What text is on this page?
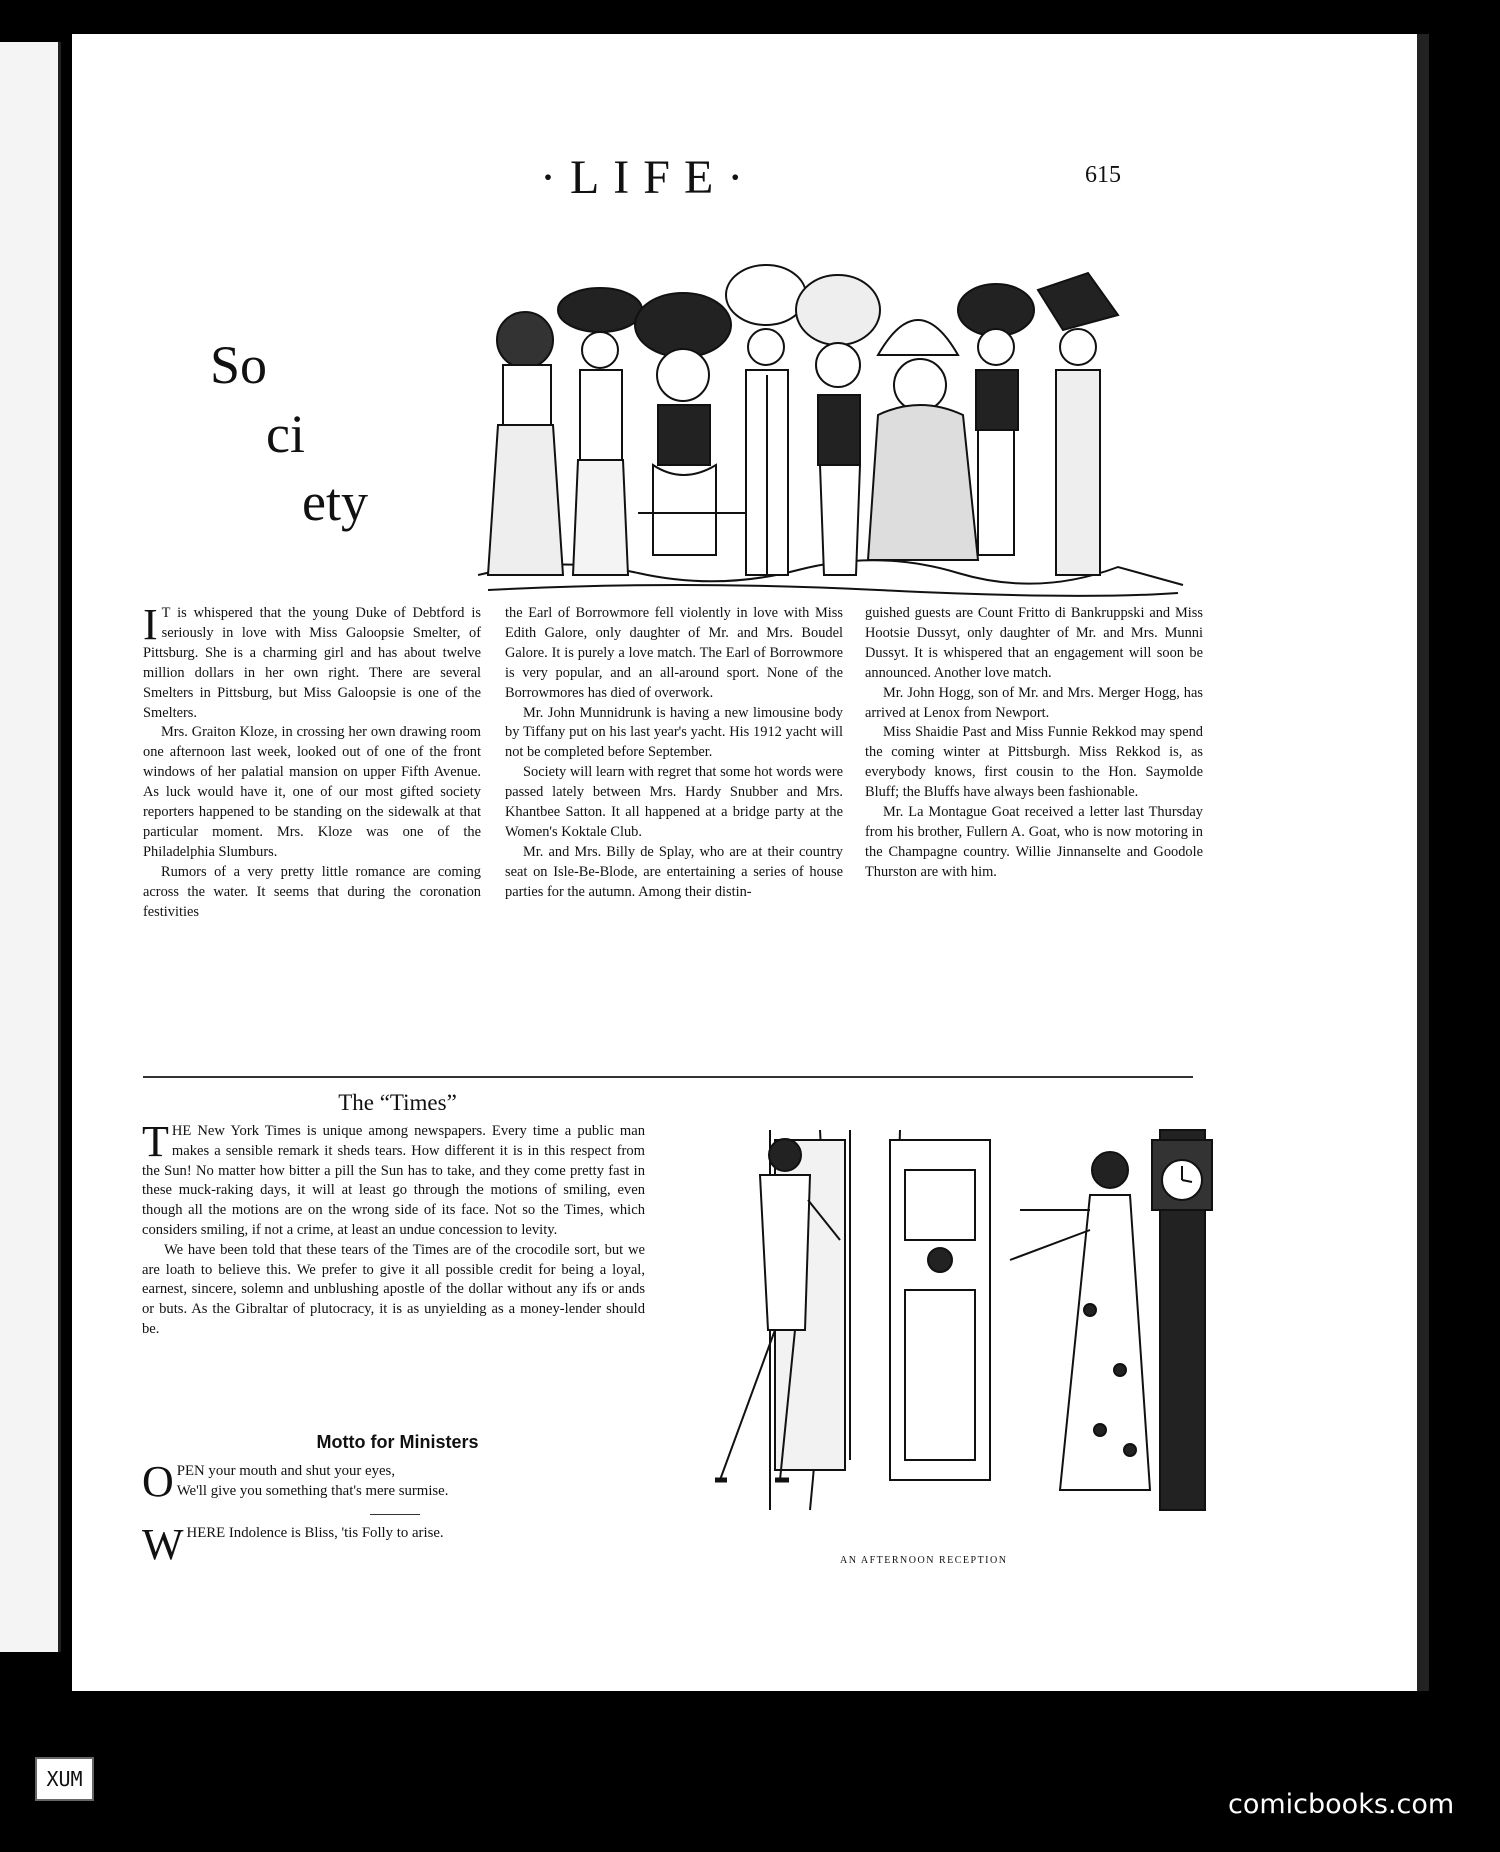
·LIFE·	615
So
ci
ety

I T is whispered that the young Duke of Debtford is seriously in love with Miss Galoopsie Smelter, of Pittsburg. She is a charming girl and has about twelve million dollars in her own right. There are several Smelters in Pittsburg, but Miss Galoopsie is one of the Smelters.

Mrs. Graiton Kloze, in crossing her own drawing room one afternoon last week, looked out of one of the front windows of her palatial mansion on upper Fifth Avenue. As luck would have it, one of our most gifted society reporters happened to be standing on the sidewalk at that particular moment. Mrs. Kloze was one of the Philadelphia Slumburs.

Rumors of a very pretty little romance are coming across the water. It seems that during the coronation festivities

the Earl of Borrowmore fell violently in love with Miss Edith Galore, only daughter of Mr. and Mrs. Boudel Galore. It is purely a love match. The Earl of Borrowmore is very popular, and an all-around sport. None of the Borrowmores has died of overwork.

Mr. John Munnidrunk is having a new limousine body by Tiffany put on his last year's yacht. His 1912 yacht will not be completed before September.

Society will learn with regret that some hot words were passed lately between Mrs. Hardy Snubber and Mrs. Khantbee Satton. It all happened at a bridge party at the Women's Koktale Club.

Mr. and Mrs. Billy de Splay, who are at their country seat on Isle-Be-Blode, are entertaining a series of house parties for the autumn. Among their distin-

guished guests are Count Fritto di Bankruppski and Miss Hootsie Dussyt, only daughter of Mr. and Mrs. Munni Dussyt. It is whispered that an engagement will soon be announced. Another love match.

Mr. John Hogg, son of Mr. and Mrs. Merger Hogg, has arrived at Lenox from Newport.

Miss Shaidie Past and Miss Funnie Rekkod may spend the coming winter at Pittsburgh. Miss Rekkod is, as everybody knows, first cousin to the Hon. Saymolde Bluff; the Bluffs have always been fashionable.

Mr. La Montague Goat received a letter last Thursday from his brother, Fullern A. Goat, who is now motoring in the Champagne country. Willie Jinnanselte and Goodole Thurston are with him.

The “Times”

THE New York Times is unique among newspapers. Every time a public man makes a sensible remark it sheds tears. How different it is in this respect from the Sun! No matter how bitter a pill the Sun has to take, and they come pretty fast in these muck-raking days, it will at least go through the motions of smiling, even though all the motions are on the wrong side of its face. Not so the Times, which considers smiling, if not a crime, at least an undue concession to levity.

We have been told that these tears of the Times are of the crocodile sort, but we are loath to believe this. We prefer to give it all possible credit for being a loyal, earnest, sincere, solemn and unblushing apostle of the dollar without any ifs or ands or buts. As the Gibraltar of plutocracy, it is as unyielding as a money-lender should be.

Motto for Ministers
O PEN your mouth and shut your eyes,
We'll give you something that's mere surmise.
WHERE Indolence is Bliss, 'tis Folly to arise.
AN AFTERNOON RECEPTION
XUM
comicbooks.com
